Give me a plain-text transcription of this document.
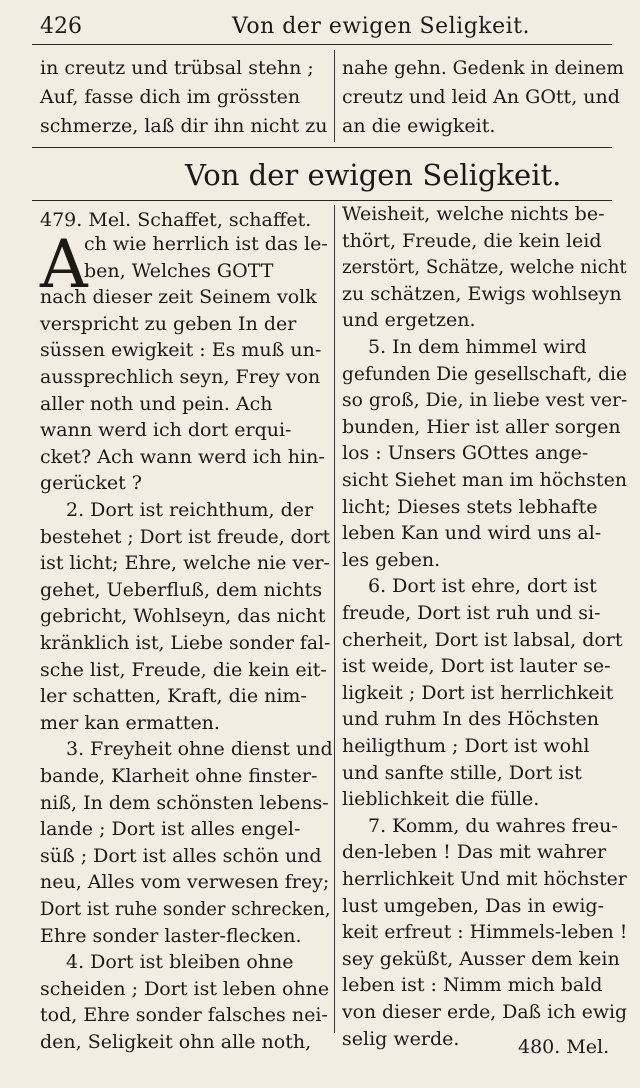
426	Von der ewigen Seligkeit.
in creutz und trübsal stehn ;
Auf, fasse dich im grössten
schmerze, laß dir ihn nicht zu
nahe gehn. Gedenk in deinem
creutz und leid An GOtt, und
an die ewigkeit.
Von der ewigen Seligkeit.
479. Mel. Schaffet, schaffet.
A
ch wie herrlich ist das le-
ben, Welches GOTT
nach dieser zeit Seinem volk
verspricht zu geben In der
süssen ewigkeit : Es muß un-
aussprechlich seyn, Frey von
aller noth und pein. Ach
wann werd ich dort erqui-
cket? Ach wann werd ich hin-
gerücket ?
2. Dort ist reichthum, der
bestehet ; Dort ist freude, dort
ist licht; Ehre, welche nie ver-
gehet, Ueberfluß, dem nichts
gebricht, Wohlseyn, das nicht
kränklich ist, Liebe sonder fal-
sche list, Freude, die kein eit-
ler schatten, Kraft, die nim-
mer kan ermatten.
3. Freyheit ohne dienst und
bande, Klarheit ohne finster-
niß, In dem schönsten lebens-
lande ; Dort ist alles engel-
süß ; Dort ist alles schön und
neu, Alles vom verwesen frey;
Dort ist ruhe sonder schrecken,
Ehre sonder laster-flecken.
4. Dort ist bleiben ohne
scheiden ; Dort ist leben ohne
tod, Ehre sonder falsches nei-
den, Seligkeit ohn alle noth,
Weisheit, welche nichts be-
thört, Freude, die kein leid
zerstört, Schätze, welche nicht
zu schätzen, Ewigs wohlseyn
und ergetzen.
5. In dem himmel wird
gefunden Die gesellschaft, die
so groß, Die, in liebe vest ver-
bunden, Hier ist aller sorgen
los : Unsers GOttes ange-
sicht Siehet man im höchsten
licht; Dieses stets lebhafte
leben Kan und wird uns al-
les geben.
6. Dort ist ehre, dort ist
freude, Dort ist ruh und si-
cherheit, Dort ist labsal, dort
ist weide, Dort ist lauter se-
ligkeit ; Dort ist herrlichkeit
und ruhm In des Höchsten
heiligthum ; Dort ist wohl
und sanfte stille, Dort ist
lieblichkeit die fülle.
7. Komm, du wahres freu-
den-leben ! Das mit wahrer
herrlichkeit Und mit höchster
lust umgeben, Das in ewig-
keit erfreut : Himmels-leben !
sey geküßt, Ausser dem kein
leben ist : Nimm mich bald
von dieser erde, Daß ich ewig
selig werde.	480. Mel.
